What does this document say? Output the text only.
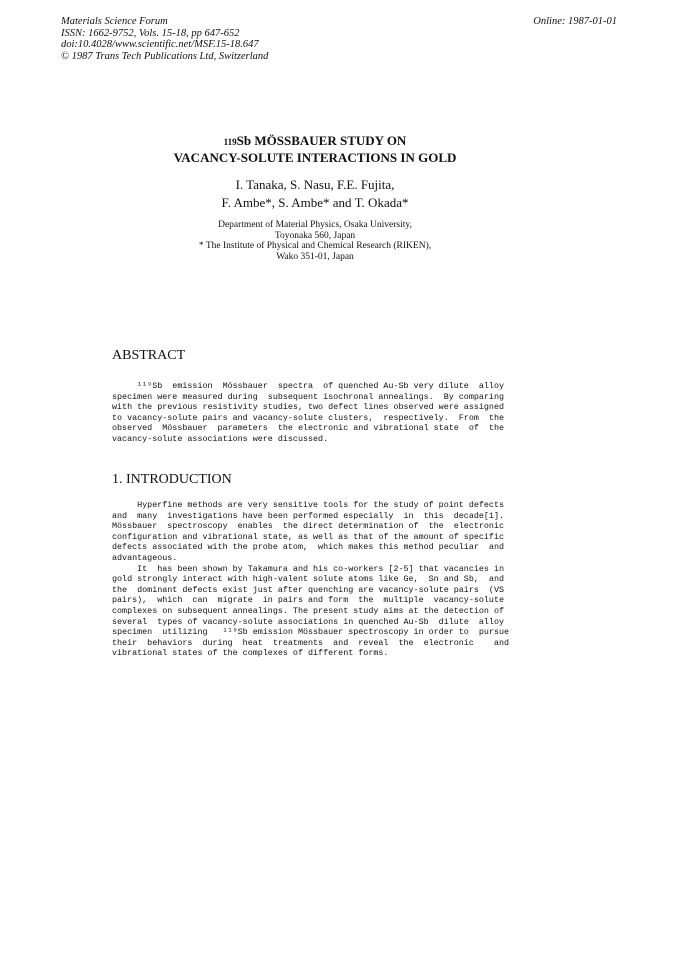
Materials Science Forum
ISSN: 1662-9752, Vols. 15-18, pp 647-652
doi:10.4028/www.scientific.net/MSF.15-18.647
© 1987 Trans Tech Publications Ltd, Switzerland
Online: 1987-01-01
119Sb MÖSSBAUER STUDY ON
VACANCY-SOLUTE INTERACTIONS IN GOLD
I. Tanaka, S. Nasu, F.E. Fujita,
F. Ambe*, S. Ambe* and T. Okada*
Department of Material Physics, Osaka University,
Toyonaka 560, Japan
* The Institute of Physical and Chemical Research (RIKEN),
Wako 351-01, Japan
ABSTRACT
¹¹⁹Sb  emission  Mössbauer  spectra  of quenched Au-Sb very dilute  alloy
specimen were measured during  subsequent isochronal annealings.  By comparing
with the previous resistivity studies, two defect lines observed were assigned
to vacancy-solute pairs and vacancy-solute clusters,  respectively.  From  the
observed  Mössbauer  parameters  the electronic and vibrational state  of  the
vacancy-solute associations were discussed.
1. INTRODUCTION
Hyperfine methods are very sensitive tools for the study of point defects
and  many  investigations have been performed especially  in  this  decade[1].
Mössbauer  spectroscopy  enables  the direct determination of  the  electronic
configuration and vibrational state, as well as that of the amount of specific
defects associated with the probe atom,  which makes this method peculiar  and
advantageous.
It  has been shown by Takamura and his co-workers [2-5] that vacancies in
gold strongly interact with high-valent solute atoms like Ge,  Sn and Sb,  and
the  dominant defects exist just after quenching are vacancy-solute pairs  (VS
pairs),  which  can  migrate  in pairs and form  the  multiple  vacancy-solute
complexes on subsequent annealings. The present study aims at the detection of
several  types of vacancy-solute associations in quenched Au-Sb  dilute  alloy
specimen  utilizing   ¹¹⁹Sb emission Mössbauer spectroscopy in order to  pursue
their  behaviors  during  heat  treatments  and  reveal  the  electronic    and
vibrational states of the complexes of different forms.
